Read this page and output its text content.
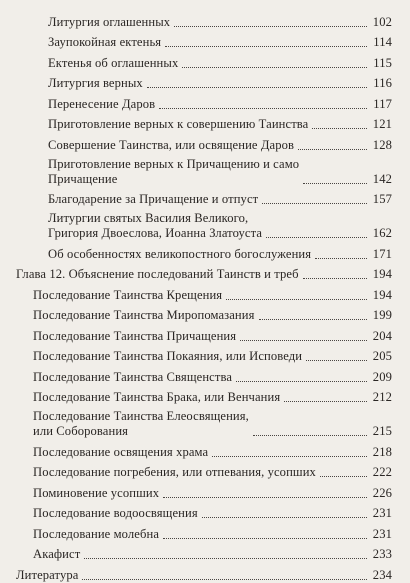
Литургия оглашенных	102
Заупокойная ектенья	114
Ектенья об оглашенных	115
Литургия верных	116
Перенесение Даров	117
Приготовление верных к совершению Таинства	121
Совершение Таинства, или освящение Даров	128
Приготовление верных к Причащению и само
Причащение	142
Благодарение за Причащение и отпуст	157
Литургии святых Василия Великого,
Григория Двоеслова, Иоанна Златоуста	162
Об особенностях великопостного богослужения	171
Глава 12. Объяснение последований Таинств и треб	194
Последование Таинства Крещения	194
Последование Таинства Миропомазания	199
Последование Таинства Причащения	204
Последование Таинства Покаяния, или Исповеди	205
Последование Таинства Священства	209
Последование Таинства Брака, или Венчания	212
Последование Таинства Елеосвящения,
или Соборования	215
Последование освящения храма	218
Последование погребения, или отпевания, усопших	222
Поминовение усопших	226
Последование водоосвящения	231
Последование молебна	231
Акафист	233
Литература	234
